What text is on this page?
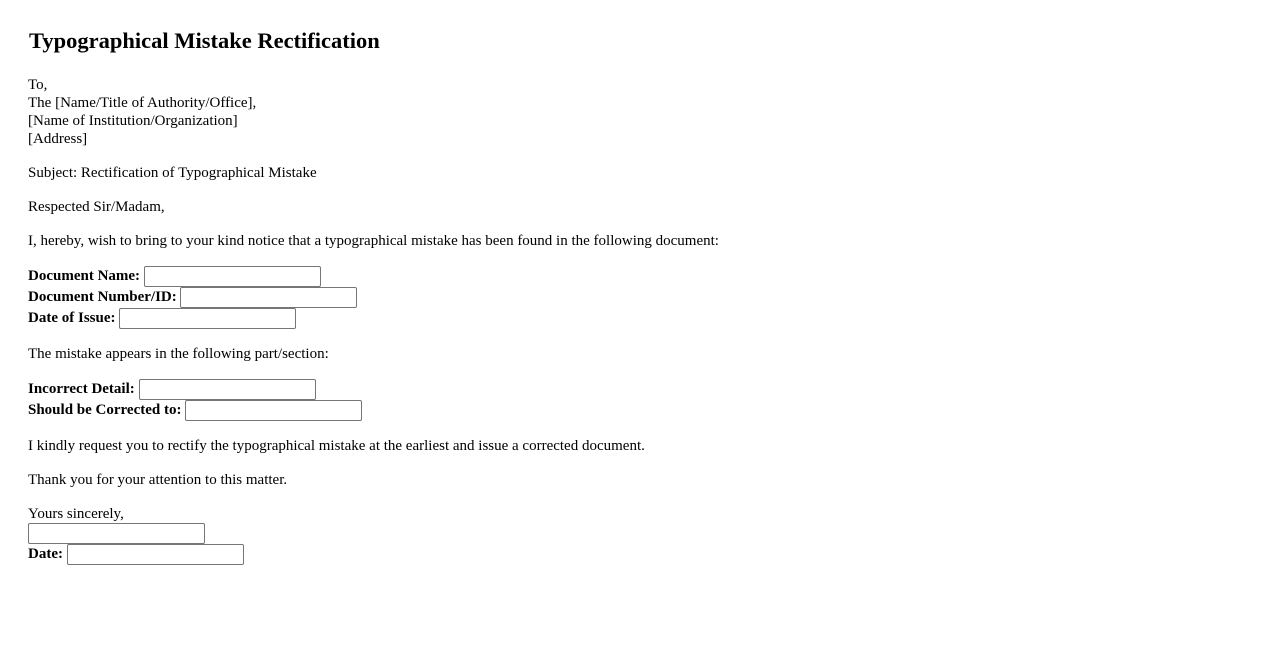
Typographical Mistake Rectification
To,
The [Name/Title of Authority/Office],
[Name of Institution/Organization]
[Address]

Subject: Rectification of Typographical Mistake

Respected Sir/Madam,

I, hereby, wish to bring to your kind notice that a typographical mistake has been found in the following document:

Document Name:
Document Number/ID:
Date of Issue:

The mistake appears in the following part/section:

Incorrect Detail:
Should be Corrected to:

I kindly request you to rectify the typographical mistake at the earliest and issue a corrected document.

Thank you for your attention to this matter.

Yours sincerely,
Date:
